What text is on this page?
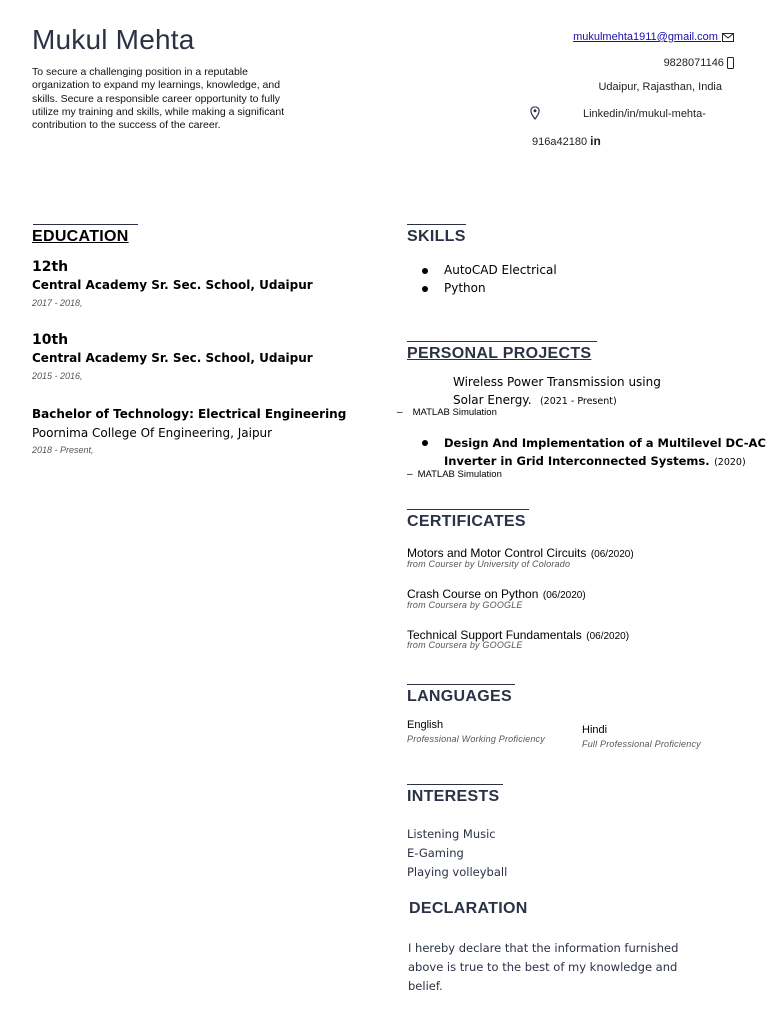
Mukul Mehta
To secure a challenging position in a reputable organization to expand my learnings, knowledge, and skills. Secure a responsible career opportunity to fully utilize my training and skills, while making a significant contribution to the success of the career.
mukulmehta1911@gmail.com
9828071146
Udaipur, Rajasthan, India
Linkedin/in/mukul-mehta-
916a42180 in
EDUCATION
12th
Central Academy Sr. Sec. School, Udaipur
2017 - 2018,
10th
Central Academy Sr. Sec. School, Udaipur
2015 - 2016,
Bachelor of Technology: Electrical Engineering
Poornima College Of Engineering, Jaipur
2018 - Present,
SKILLS
AutoCAD Electrical
Python
PERSONAL PROJECTS
Wireless Power Transmission using
Solar Energy. (2021 - Present)
– MATLAB Simulation
Design And Implementation of a Multilevel DC-AC
Inverter in Grid Interconnected Systems. (2020)
– MATLAB Simulation
CERTIFICATES
Motors and Motor Control Circuits (06/2020)
from Courser by University of Colorado
Crash Course on Python (06/2020)
from Coursera by GOOGLE
Technical Support Fundamentals (06/2020)
from Coursera by GOOGLE
LANGUAGES
English
Professional Working Proficiency
Hindi
Full Professional Proficiency
INTERESTS
Listening Music
E-Gaming
Playing volleyball
DECLARATION
I hereby declare that the information furnished above is true to the best of my knowledge and belief.
